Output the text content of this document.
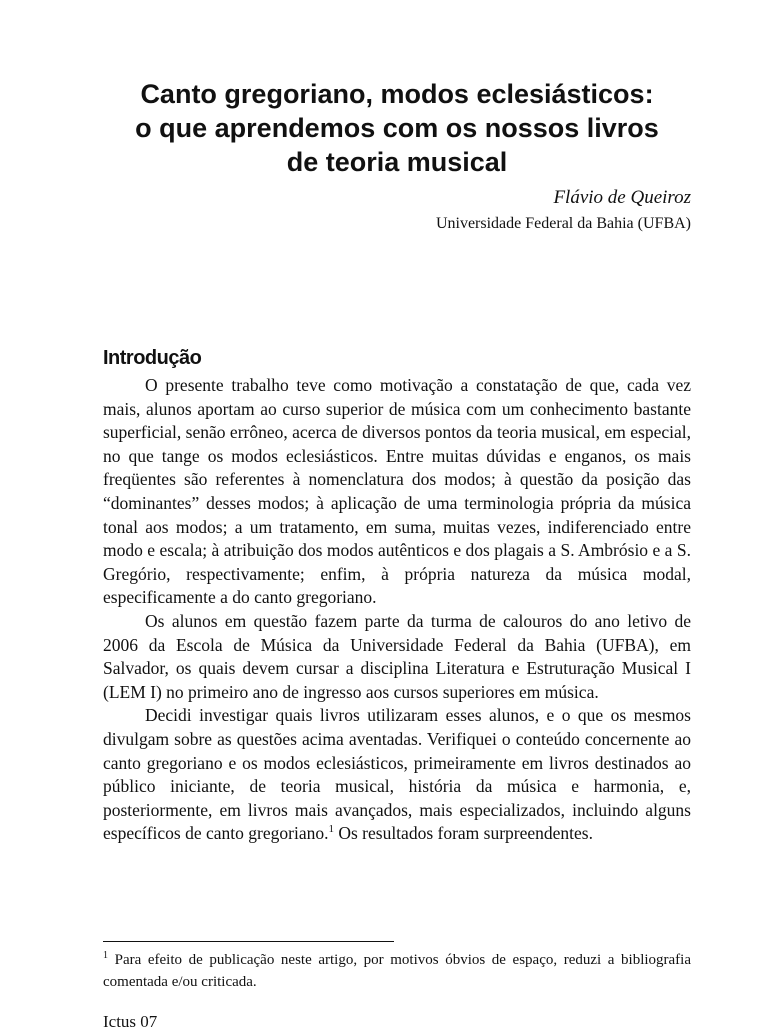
Canto gregoriano, modos eclesiásticos:
o que aprendemos com os nossos livros
de teoria musical

Flávio de Queiroz

Universidade Federal da Bahia (UFBA)

Introdução

O presente trabalho teve como motivação a constatação de que, cada vez mais, alunos aportam ao curso superior de música com um conhecimento bastante superficial, senão errôneo, acerca de diversos pontos da teoria musical, em especial, no que tange os modos eclesiásticos. Entre muitas dúvidas e enganos, os mais freqüentes são referentes à nomenclatura dos modos; à questão da posição das “dominantes” desses modos; à aplicação de uma terminologia própria da música tonal aos modos; a um tratamento, em suma, muitas vezes, indiferenciado entre modo e escala; à atribuição dos modos autênticos e dos plagais a S. Ambrósio e a S. Gregório, respectivamente; enfim, à própria natureza da música modal, especificamente a do canto gregoriano.

Os alunos em questão fazem parte da turma de calouros do ano letivo de 2006 da Escola de Música da Universidade Federal da Bahia (UFBA), em Salvador, os quais devem cursar a disciplina Literatura e Estruturação Musical I (LEM I) no primeiro ano de ingresso aos cursos superiores em música.

Decidi investigar quais livros utilizaram esses alunos, e o que os mesmos divulgam sobre as questões acima aventadas. Verifiquei o conteúdo concernente ao canto gregoriano e os modos eclesiásticos, primeiramente em livros destinados ao público iniciante, de teoria musical, história da música e harmonia, e, posteriormente, em livros mais avançados, mais especializados, incluindo alguns específicos de canto gregoriano.$^1$ Os resultados foram surpreendentes.

$^1$ Para efeito de publicação neste artigo, por motivos óbvios de espaço, reduzi a bibliografia comentada e/ou criticada.

Ictus 07
